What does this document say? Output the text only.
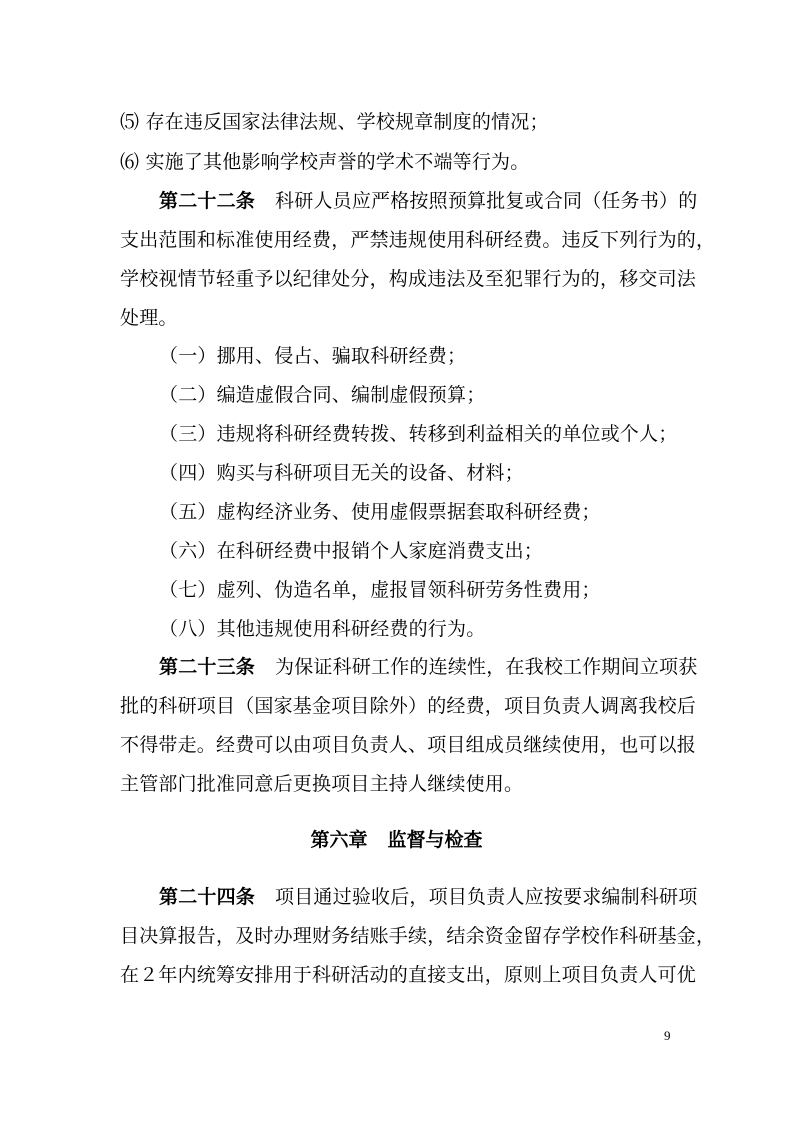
⑸ 存在违反国家法律法规、学校规章制度的情况；
⑹ 实施了其他影响学校声誉的学术不端等行为。
第二十二条 科研人员应严格按照预算批复或合同（任务书）的
支出范围和标准使用经费，严禁违规使用科研经费。违反下列行为的，
学校视情节轻重予以纪律处分，构成违法及至犯罪行为的，移交司法
处理。
（一）挪用、侵占、骗取科研经费；
（二）编造虚假合同、编制虚假预算；
（三）违规将科研经费转拨、转移到利益相关的单位或个人；
（四）购买与科研项目无关的设备、材料；
（五）虚构经济业务、使用虚假票据套取科研经费；
（六）在科研经费中报销个人家庭消费支出；
（七）虚列、伪造名单，虚报冒领科研劳务性费用；
（八）其他违规使用科研经费的行为。
第二十三条 为保证科研工作的连续性，在我校工作期间立项获
批的科研项目（国家基金项目除外）的经费，项目负责人调离我校后
不得带走。经费可以由项目负责人、项目组成员继续使用，也可以报
主管部门批准同意后更换项目主持人继续使用。
第六章 监督与检查
第二十四条 项目通过验收后，项目负责人应按要求编制科研项
目决算报告，及时办理财务结账手续，结余资金留存学校作科研基金，
在２年内统筹安排用于科研活动的直接支出，原则上项目负责人可优
9
